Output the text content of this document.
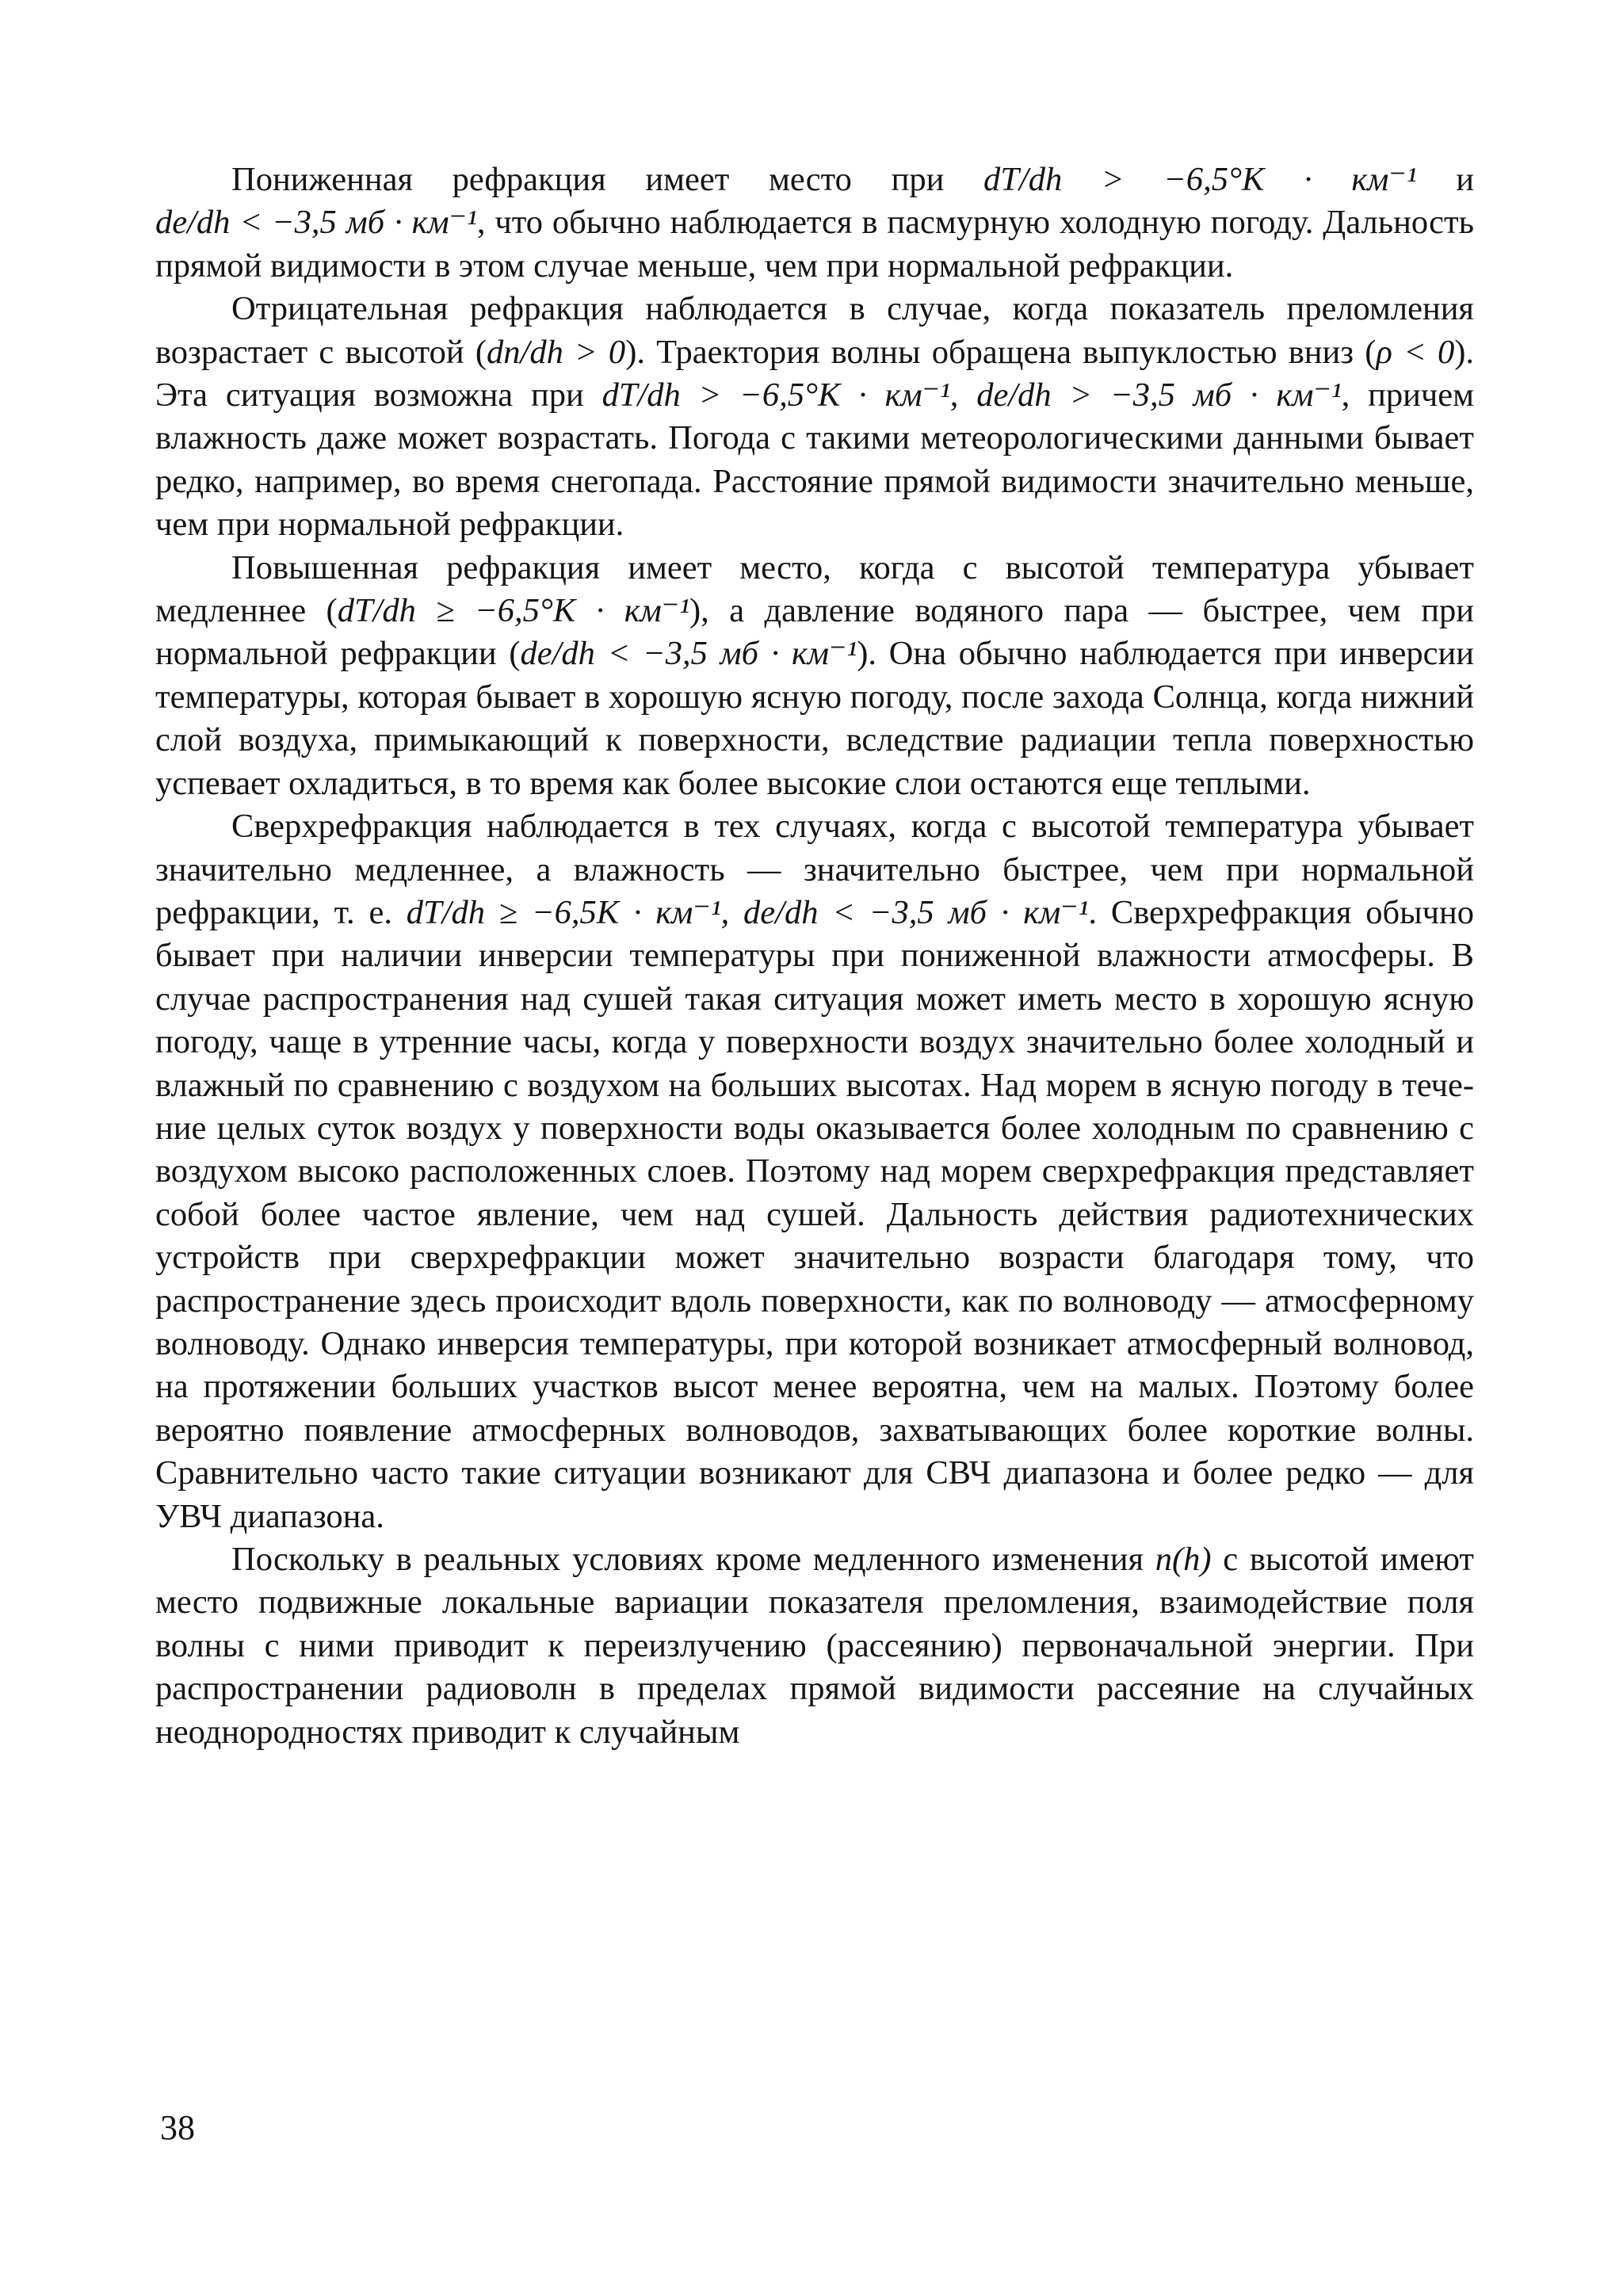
Пониженная рефракция имеет место при dT/dh > −6,5°K · км⁻¹ и de/dh < −3,5 мб · км⁻¹, что обычно наблюдается в пасмурную холодную погоду. Дальность прямой видимости в этом случае меньше, чем при нормальной рефракции.

Отрицательная рефракция наблюдается в случае, когда показатель преломления возрастает с высотой (dn/dh > 0). Траектория волны обращена выпуклостью вниз (ρ < 0). Эта ситуация возможна при dT/dh > −6,5°K · км⁻¹, de/dh > −3,5 мб · км⁻¹, причем влажность даже может возрастать. Погода с такими метеорологическими данными бывает редко, например, во время снегопада. Расстояние прямой видимости значительно меньше, чем при нормальной рефракции.

Повышенная рефракция имеет место, когда с высотой температура убывает медленнее (dT/dh ≥ −6,5°K · км⁻¹), а давление водяного пара — быстрее, чем при нормальной рефракции (de/dh < −3,5 мб · км⁻¹). Она обычно наблюдается при инверсии температуры, которая бывает в хорошую ясную погоду, после захода Солнца, когда нижний слой воздуха, примыкающий к поверхности, вследствие радиации тепла поверхностью успевает охладиться, в то время как более высокие слои остаются еще теплыми.

Сверхрефракция наблюдается в тех случаях, когда с высотой температура убывает значительно медленнее, а влажность — значительно быстрее, чем при нормальной рефракции, т. е. dT/dh ≥ −6,5K · км⁻¹, de/dh < −3,5 мб · км⁻¹. Сверхрефракция обычно бывает при наличии инверсии температуры при пониженной влажности атмосферы. В случае распространения над сушей такая ситуация может иметь место в хорошую ясную погоду, чаще в утренние часы, когда у поверхности воздух значительно более холодный и влажный по сравнению с воздухом на больших высотах. Над морем в ясную погоду в течение целых суток воздух у поверхности воды оказывается более холодным по сравнению с воздухом высоко расположенных слоев. Поэтому над морем сверхрефракция представляет собой более частое явление, чем над сушей. Дальность действия радиотехнических устройств при сверхрефракции может значительно возрасти благодаря тому, что распространение здесь происходит вдоль поверхности, как по волноводу — атмосферному волноводу. Однако инверсия температуры, при которой возникает атмосферный волновод, на протяжении больших участков высот менее вероятна, чем на малых. Поэтому более вероятно появление атмосферных волноводов, захватывающих более короткие волны. Сравнительно часто такие ситуации возникают для СВЧ диапазона и более редко — для УВЧ диапазона.

Поскольку в реальных условиях кроме медленного изменения n(h) с высотой имеют место подвижные локальные вариации показателя преломления, взаимодействие поля волны с ними приводит к переизлучению (рассеянию) первоначальной энергии. При распространении радиоволн в пределах прямой видимости рассеяние на случайных неоднородностях приводит к случайным

38
